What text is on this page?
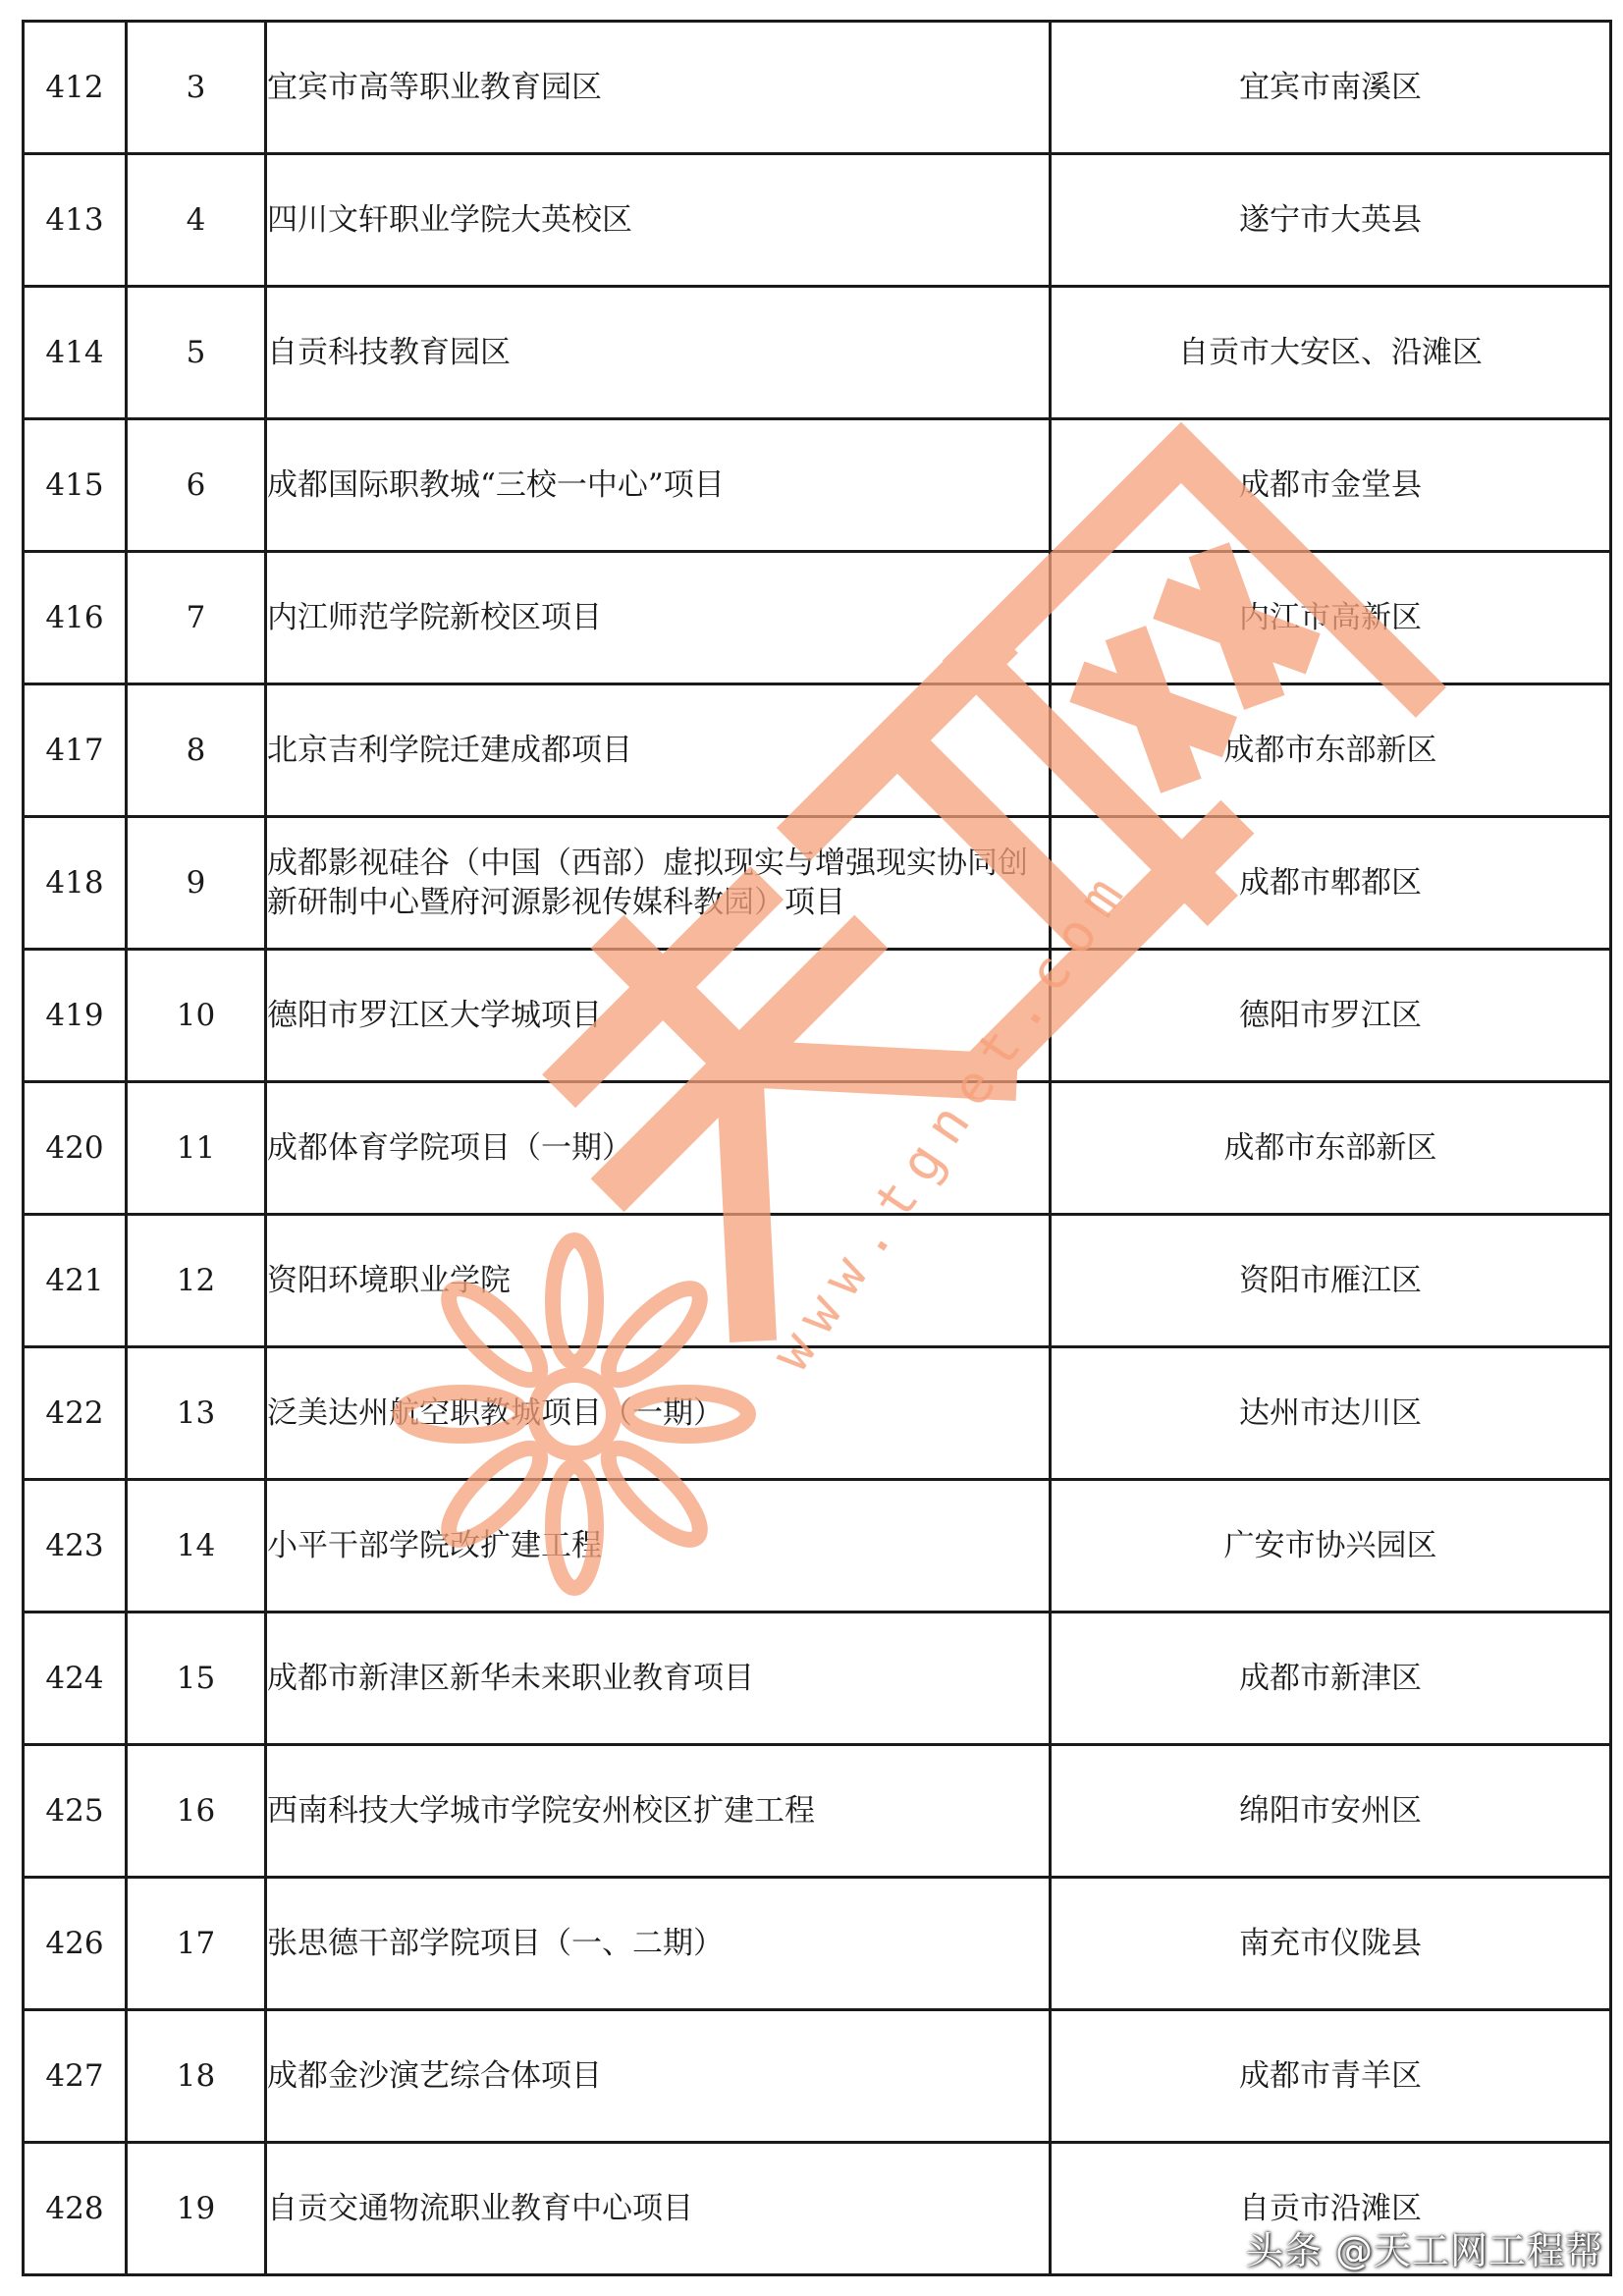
412	3	宜宾市高等职业教育园区	宜宾市南溪区
413	4	四川文轩职业学院大英校区	遂宁市大英县
414	5	自贡科技教育园区	自贡市大安区、沿滩区
415	6	成都国际职教城“三校一中心”项目	成都市金堂县
416	7	内江师范学院新校区项目	内江市高新区
417	8	北京吉利学院迁建成都项目	成都市东部新区
418	9	成都影视硅谷（中国（西部）虚拟现实与增强现实协同创新研制中心暨府河源影视传媒科教园）项目	成都市郫都区
419	10	德阳市罗江区大学城项目	德阳市罗江区
420	11	成都体育学院项目（一期）	成都市东部新区
421	12	资阳环境职业学院	资阳市雁江区
422	13	泛美达州航空职教城项目（一期）	达州市达川区
423	14	小平干部学院改扩建工程	广安市协兴园区
424	15	成都市新津区新华未来职业教育项目	成都市新津区
425	16	西南科技大学城市学院安州校区扩建工程	绵阳市安州区
426	17	张思德干部学院项目（一、二期）	南充市仪陇县
427	18	成都金沙演艺综合体项目	成都市青羊区
428	19	自贡交通物流职业教育中心项目	自贡市沿滩区
www.tgnet.com
头条 @天工网工程帮
